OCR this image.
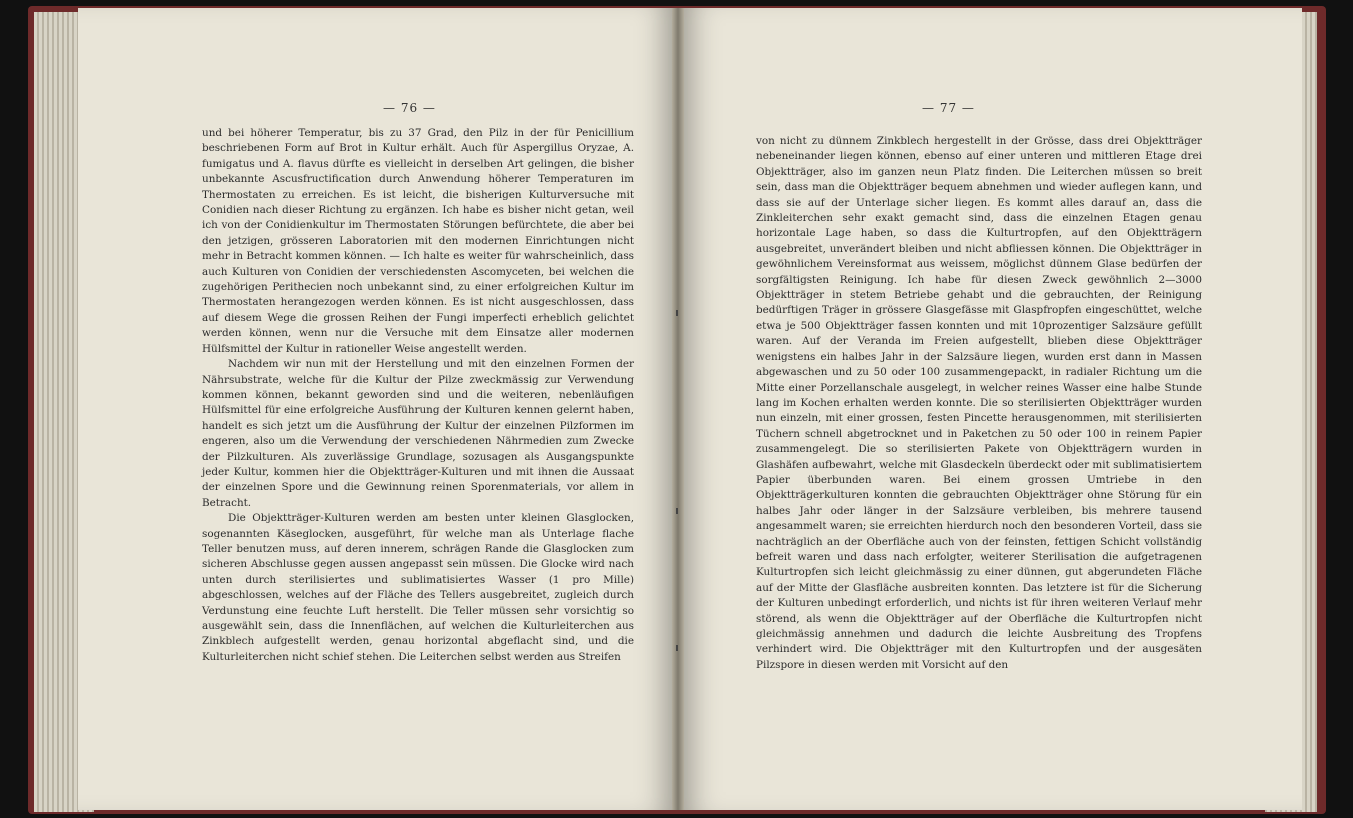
— 76 —

und bei höherer Temperatur, bis zu 37 Grad, den Pilz in der für Penicillium beschriebenen Form auf Brot in Kultur erhält. Auch für Aspergillus Oryzae, A. fumigatus und A. flavus dürfte es vielleicht in derselben Art gelingen, die bisher unbekannte Ascusfructification durch Anwendung höherer Temperaturen im Thermostaten zu erreichen. Es ist leicht, die bisherigen Kulturversuche mit Conidien nach dieser Richtung zu ergänzen. Ich habe es bisher nicht getan, weil ich von der Conidienkultur im Thermostaten Störungen befürchtete, die aber bei den jetzigen, grösseren Laboratorien mit den modernen Einrichtungen nicht mehr in Betracht kommen können. — Ich halte es weiter für wahrscheinlich, dass auch Kulturen von Conidien der verschiedensten Ascomyceten, bei welchen die zugehörigen Perithecien noch unbekannt sind, zu einer erfolgreichen Kultur im Thermostaten herangezogen werden können. Es ist nicht ausgeschlossen, dass auf diesem Wege die grossen Reihen der Fungi imperfecti erheblich gelichtet werden können, wenn nur die Versuche mit dem Einsatze aller modernen Hülfsmittel der Kultur in rationeller Weise angestellt werden.

Nachdem wir nun mit der Herstellung und mit den einzelnen Formen der Nährsubstrate, welche für die Kultur der Pilze zweckmässig zur Verwendung kommen können, bekannt geworden sind und die weiteren, nebenläufigen Hülfsmittel für eine erfolgreiche Ausführung der Kulturen kennen gelernt haben, handelt es sich jetzt um die Ausführung der Kultur der einzelnen Pilzformen im engeren, also um die Verwendung der verschiedenen Nährmedien zum Zwecke der Pilzkulturen. Als zuverlässige Grundlage, sozusagen als Ausgangspunkte jeder Kultur, kommen hier die Objektträger-Kulturen und mit ihnen die Aussaat der einzelnen Spore und die Gewinnung reinen Sporenmaterials, vor allem in Betracht.

Die Objektträger-Kulturen werden am besten unter kleinen Glasglocken, sogenannten Käseglocken, ausgeführt, für welche man als Unterlage flache Teller benutzen muss, auf deren innerem, schrägen Rande die Glasglocken zum sicheren Abschlusse gegen aussen angepasst sein müssen. Die Glocke wird nach unten durch sterilisiertes und sublimatisiertes Wasser (1 pro Mille) abgeschlossen, welches auf der Fläche des Tellers ausgebreitet, zugleich durch Verdunstung eine feuchte Luft herstellt. Die Teller müssen sehr vorsichtig so ausgewählt sein, dass die Innenflächen, auf welchen die Kulturleiterchen aus Zinkblech aufgestellt werden, genau horizontal abgeflacht sind, und die Kulturleiterchen nicht schief stehen. Die Leiterchen selbst werden aus Streifen

— 77 —

von nicht zu dünnem Zinkblech hergestellt in der Grösse, dass drei Objektträger nebeneinander liegen können, ebenso auf einer unteren und mittleren Etage drei Objektträger, also im ganzen neun Platz finden. Die Leiterchen müssen so breit sein, dass man die Objektträger bequem abnehmen und wieder auflegen kann, und dass sie auf der Unterlage sicher liegen. Es kommt alles darauf an, dass die Zinkleiterchen sehr exakt gemacht sind, dass die einzelnen Etagen genau horizontale Lage haben, so dass die Kulturtropfen, auf den Objektträgern ausgebreitet, unverändert bleiben und nicht abfliessen können. Die Objektträger in gewöhnlichem Vereinsformat aus weissem, möglichst dünnem Glase bedürfen der sorgfältigsten Reinigung. Ich habe für diesen Zweck gewöhnlich 2—3000 Objektträger in stetem Betriebe gehabt und die gebrauchten, der Reinigung bedürftigen Träger in grössere Glasgefässe mit Glaspfropfen eingeschüttet, welche etwa je 500 Objektträger fassen konnten und mit 10prozentiger Salzsäure gefüllt waren. Auf der Veranda im Freien aufgestellt, blieben diese Objektträger wenigstens ein halbes Jahr in der Salzsäure liegen, wurden erst dann in Massen abgewaschen und zu 50 oder 100 zusammengepackt, in radialer Richtung um die Mitte einer Porzellanschale ausgelegt, in welcher reines Wasser eine halbe Stunde lang im Kochen erhalten werden konnte. Die so sterilisierten Objektträger wurden nun einzeln, mit einer grossen, festen Pincette herausgenommen, mit sterilisierten Tüchern schnell abgetrocknet und in Paketchen zu 50 oder 100 in reinem Papier zusammengelegt. Die so sterilisierten Pakete von Objektträgern wurden in Glashäfen aufbewahrt, welche mit Glasdeckeln überdeckt oder mit sublimatisiertem Papier überbunden waren. Bei einem grossen Umtriebe in den Objektträgerkulturen konnten die gebrauchten Objektträger ohne Störung für ein halbes Jahr oder länger in der Salzsäure verbleiben, bis mehrere tausend angesammelt waren; sie erreichten hierdurch noch den besonderen Vorteil, dass sie nachträglich an der Oberfläche auch von der feinsten, fettigen Schicht vollständig befreit waren und dass nach erfolgter, weiterer Sterilisation die aufgetragenen Kulturtropfen sich leicht gleichmässig zu einer dünnen, gut abgerundeten Fläche auf der Mitte der Glasfläche ausbreiten konnten. Das letztere ist für die Sicherung der Kulturen unbedingt erforderlich, und nichts ist für ihren weiteren Verlauf mehr störend, als wenn die Objektträger auf der Oberfläche die Kulturtropfen nicht gleichmässig annehmen und dadurch die leichte Ausbreitung des Tropfens verhindert wird. Die Objektträger mit den Kulturtropfen und der ausgesäten Pilzspore in diesen werden mit Vorsicht auf den
